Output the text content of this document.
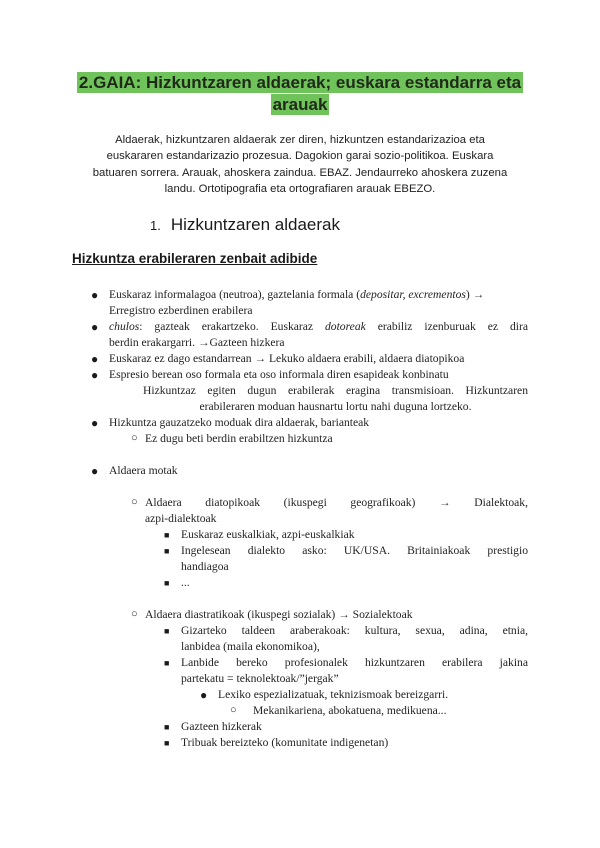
2.GAIA: Hizkuntzaren aldaerak; euskara estandarra eta
arauak
Aldaerak, hizkuntzaren aldaerak zer diren, hizkuntzen estandarizazioa eta
euskararen estandarizazio prozesua. Dagokion garai sozio-politikoa. Euskara
batuaren sorrera. Arauak, ahoskera zaindua. EBAZ. Jendaurreko ahoskera zuzena
landu. Ortotipografia eta ortografiaren arauak EBEZO.
1. Hizkuntzaren aldaerak
Hizkuntza erabileraren zenbait adibide
● Euskaraz informalagoa (neutroa), gaztelania formala (depositar, excrementos) →
Erregistro ezberdinen erabilera
● chulos: gazteak erakartzeko. Euskaraz dotoreak erabiliz izenburuak ez dira
berdin erakargarri. →Gazteen hizkera
● Euskaraz ez dago estandarrean → Lekuko aldaera erabili, aldaera diatopikoa
● Espresio berean oso formala eta oso informala diren esapideak konbinatu
Hizkuntzaz egiten dugun erabilerak eragina transmisioan. Hizkuntzaren
erabileraren moduan hausnartu lortu nahi duguna lortzeko.
● Hizkuntza gauzatzeko moduak dira aldaerak, barianteak
○ Ez dugu beti berdin erabiltzen hizkuntza
● Aldaera motak
○ Aldaera diatopikoak (ikuspegi geografikoak) → Dialektoak,
azpi-dialektoak
■ Euskaraz euskalkiak, azpi-euskalkiak
■ Ingelesean dialekto asko: UK/USA. Britainiakoak prestigio
handiagoa
■ ...
○ Aldaera diastratikoak (ikuspegi sozialak) → Sozialektoak
■ Gizarteko taldeen araberakoak: kultura, sexua, adina, etnia,
lanbidea (maila ekonomikoa),
■ Lanbide bereko profesionalek hizkuntzaren erabilera jakina
partekatu = teknolektoak/”jergak”
● Lexiko espezializatuak, teknizismoak bereizgarri.
○ Mekanikariena, abokatuena, medikuena...
■ Gazteen hizkerak
■ Tribuak bereizteko (komunitate indigenetan)
